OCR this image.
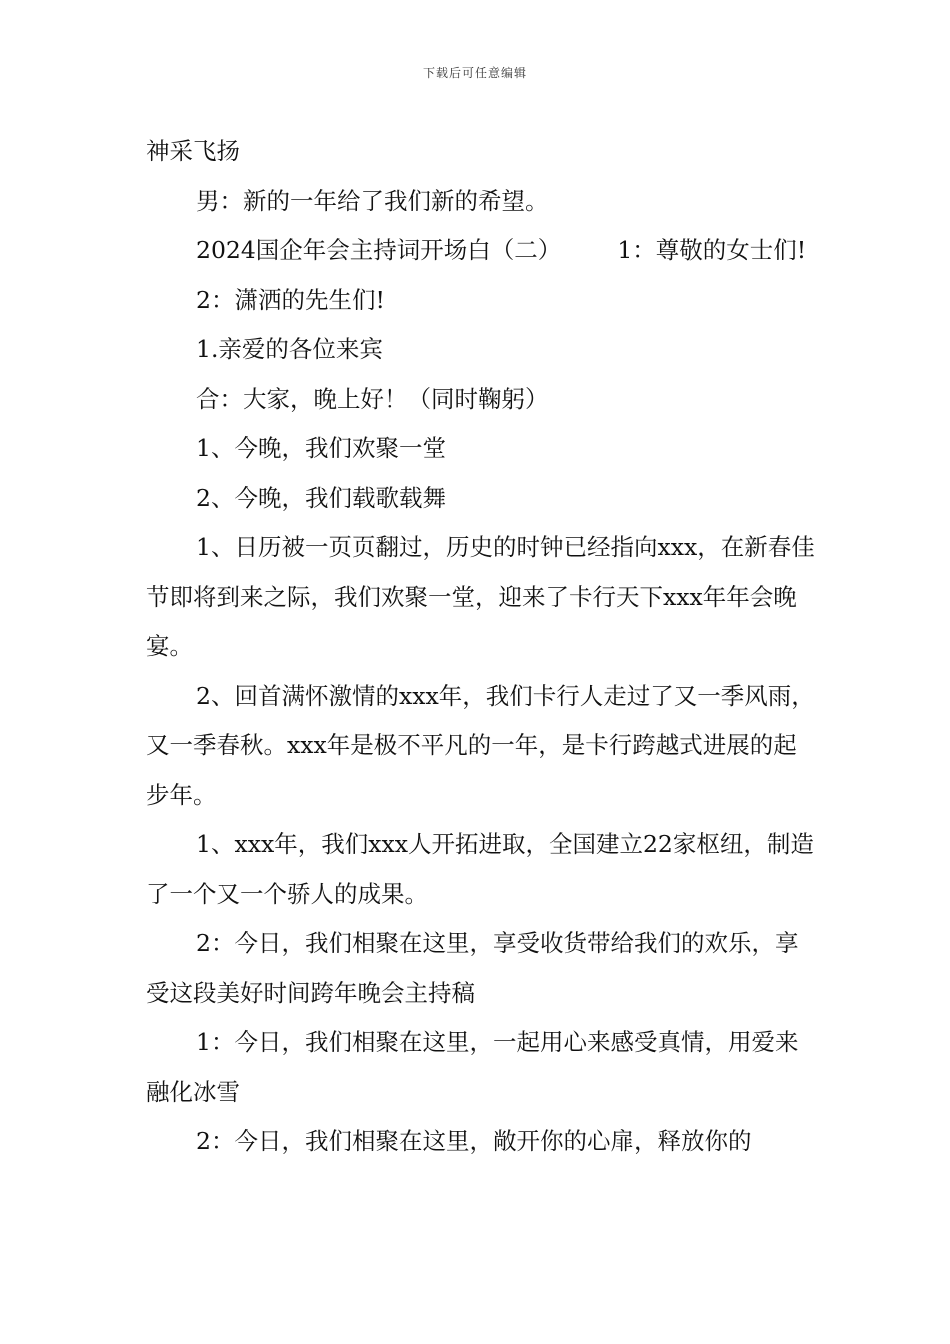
下载后可任意编辑

神采飞扬

男：新的一年给了我们新的希望。

2024国企年会主持词开场白（二） 1：尊敬的女士们!

2：潇洒的先生们!

1.亲爱的各位来宾

合：大家，晚上好！（同时鞠躬）

1、今晚，我们欢聚一堂

2、今晚，我们载歌载舞

1、日历被一页页翻过，历史的时钟已经指向xxx，在新春佳节即将到来之际，我们欢聚一堂，迎来了卡行天下xxx年年会晚宴。

2、回首满怀激情的xxx年，我们卡行人走过了又一季风雨，又一季春秋。xxx年是极不平凡的一年，是卡行跨越式进展的起步年。

1、xxx年，我们xxx人开拓进取，全国建立22家枢纽，制造了一个又一个骄人的成果。

2：今日，我们相聚在这里，享受收货带给我们的欢乐，享受这段美好时间跨年晚会主持稿

1：今日，我们相聚在这里，一起用心来感受真情，用爱来融化冰雪

2：今日，我们相聚在这里，敞开你的心扉，释放你的
